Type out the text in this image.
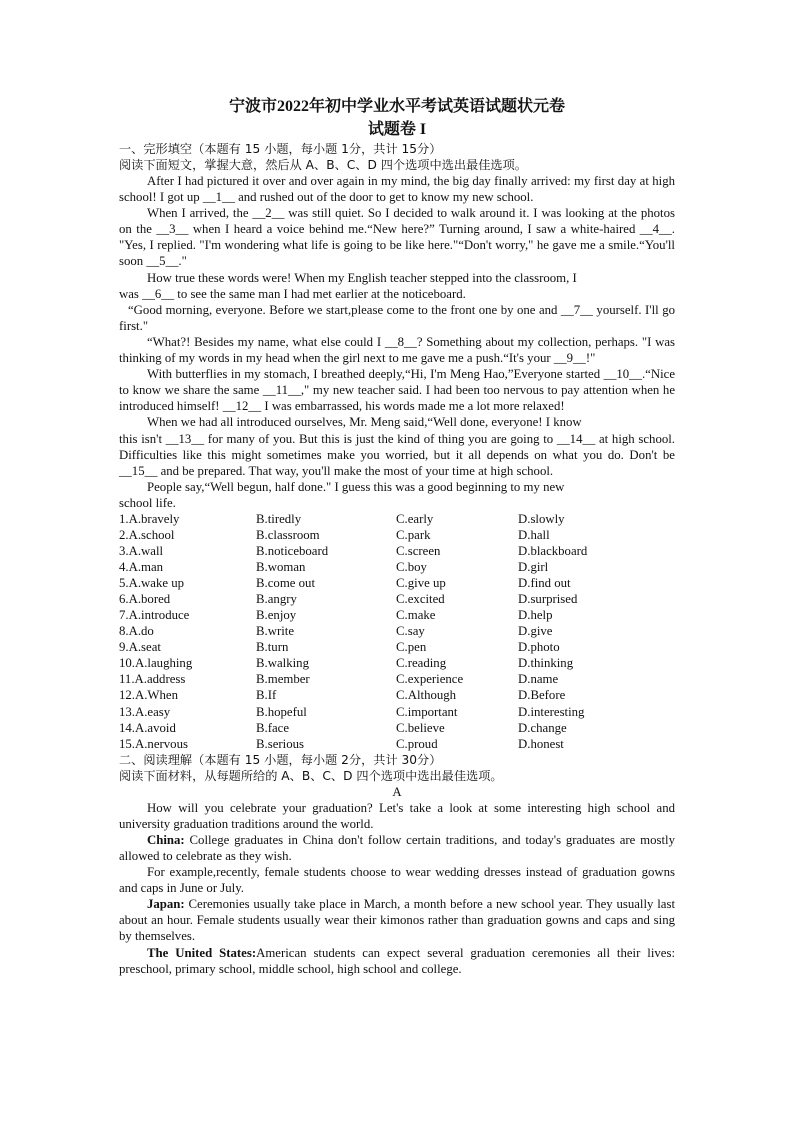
宁波市2022年初中学业水平考试英语试题状元卷

试题卷 I

一、完形填空（本题有 15 小题，每小题 1分，共计 15分）

阅读下面短文，掌握大意，然后从 A、B、C、D 四个选项中选出最佳选项。

After I had pictured it over and over again in my mind, the big day finally arrived: my first day at high school! I got up __1__ and rushed out of the door to get to know my new school.

When I arrived, the __2__ was still quiet. So I decided to walk around it. I was looking at the photos on the __3__ when I heard a voice behind me.“New here?” Turning around, I saw a white-haired __4__. "Yes, I replied. "I'm wondering what life is going to be like here."“Don't worry," he gave me a smile.“You'll soon __5__."

How true these words were! When my English teacher stepped into the classroom, I

was __6__ to see the same man I had met earlier at the noticeboard.

“Good morning, everyone. Before we start,please come to the front one by one and __7__ yourself. I'll go first."

“What?! Besides my name, what else could I __8__? Something about my collection, perhaps. "I was thinking of my words in my head when the girl next to me gave me a push.“It's your __9__!"

With butterflies in my stomach, I breathed deeply,“Hi, I'm Meng Hao,”Everyone started __10__.“Nice to know we share the same __11__," my new teacher said. I had been too nervous to pay attention when he introduced himself! __12__ I was embarrassed, his words made me a lot more relaxed!

When we had all introduced ourselves, Mr. Meng said,“Well done, everyone! I know

this isn't __13__ for many of you. But this is just the kind of thing you are going to __14__ at high school. Difficulties like this might sometimes make you worried, but it all depends on what you do. Don't be __15__ and be prepared. That way, you'll make the most of your time at high school.

People say,“Well begun, half done." I guess this was a good beginning to my new

school life.

1.A.bravely	B.tiredly	C.early	D.slowly
2.A.school	B.classroom	C.park	D.hall
3.A.wall	B.noticeboard	C.screen	D.blackboard
4.A.man	B.woman	C.boy	D.girl
5.A.wake up	B.come out	C.give up	D.find out
6.A.bored	B.angry	C.excited	D.surprised
7.A.introduce	B.enjoy	C.make	D.help
8.A.do	B.write	C.say	D.give
9.A.seat	B.turn	C.pen	D.photo
10.A.laughing	B.walking	C.reading	D.thinking
11.A.address	B.member	C.experience	D.name
12.A.When	B.If	C.Although	D.Before
13.A.easy	B.hopeful	C.important	D.interesting
14.A.avoid	B.face	C.believe	D.change
15.A.nervous	B.serious	C.proud	D.honest

二、阅读理解（本题有 15 小题，每小题 2分，共计 30分）

阅读下面材料，从每题所给的 A、B、C、D 四个选项中选出最佳选项。

A

How will you celebrate your graduation? Let's take a look at some interesting high school and university graduation traditions around the world.

China: College graduates in China don't follow certain traditions, and today's graduates are mostly allowed to celebrate as they wish.

For example,recently, female students choose to wear wedding dresses instead of graduation gowns and caps in June or July.

Japan: Ceremonies usually take place in March, a month before a new school year. They usually last about an hour. Female students usually wear their kimonos rather than graduation gowns and caps and sing by themselves.

The United States:American students can expect several graduation ceremonies all their lives: preschool, primary school, middle school, high school and college.
